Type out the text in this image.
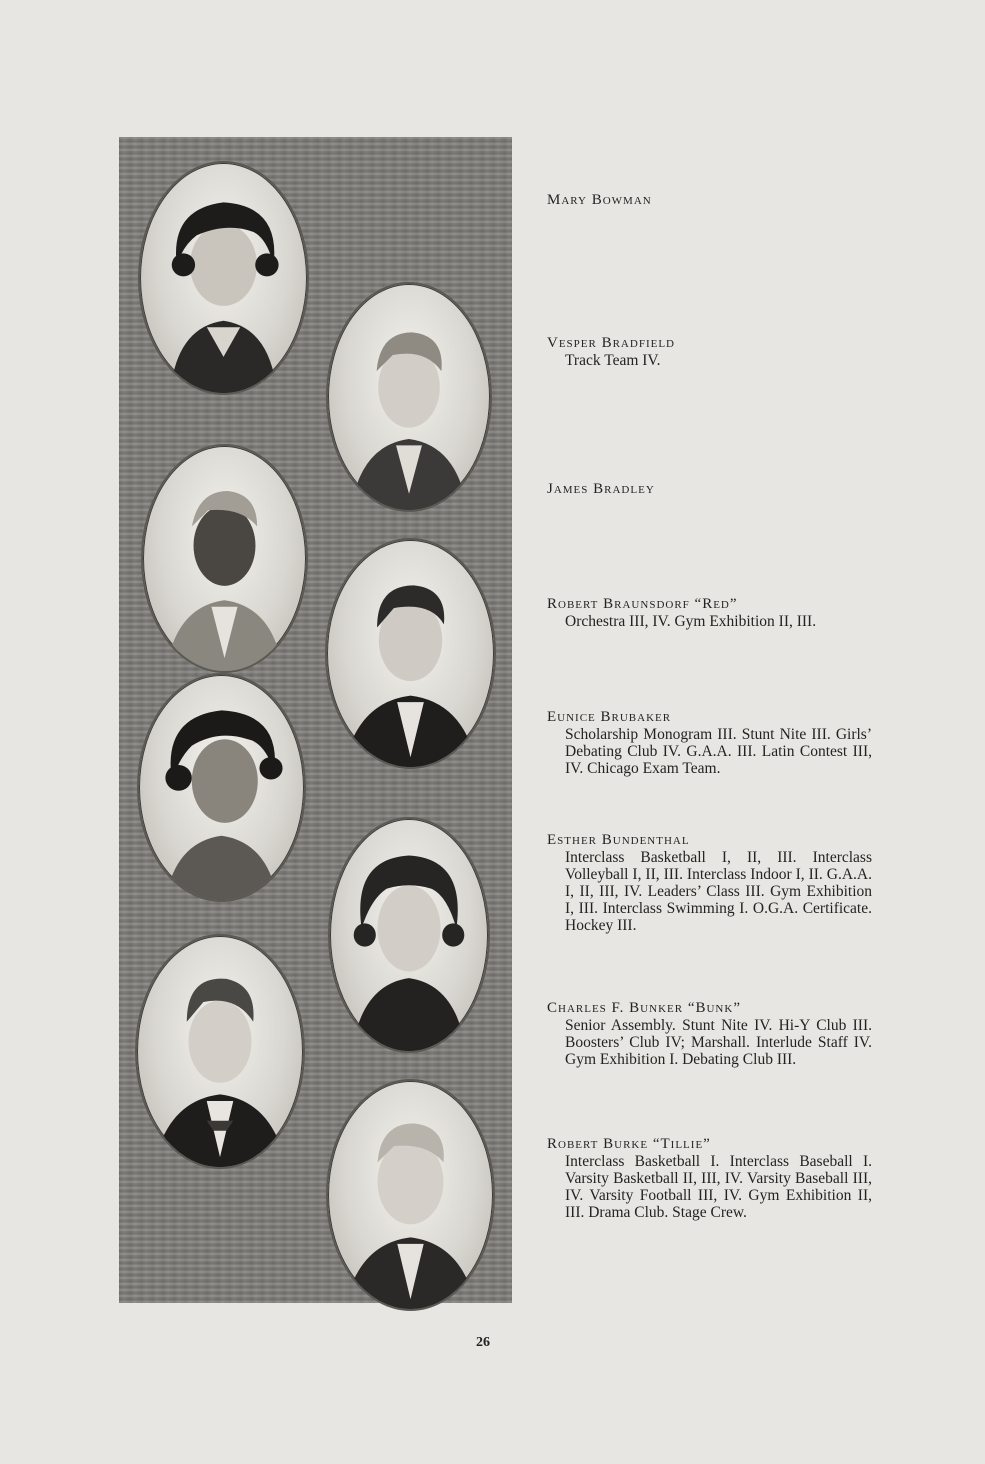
Mary Bowman

Vesper Bradfield

Track Team IV.

James Bradley

Robert Braunsdorf “Red”

Orchestra III, IV. Gym Exhibition II, III.

Eunice Brubaker

Scholarship Monogram III. Stunt Nite III. Girls’ Debating Club IV. G.A.A. III. Latin Contest III, IV. Chicago Exam Team.

Esther Bundenthal

Interclass Basketball I, II, III. Interclass Volleyball I, II, III. Interclass Indoor I, II. G.A.A. I, II, III, IV. Leaders’ Class III. Gym Exhibition I, III. Interclass Swimming I. O.G.A. Certificate. Hockey III.

Charles F. Bunker “Bunk”

Senior Assembly. Stunt Nite IV. Hi-Y Club III. Boosters’ Club IV; Marshall. Interlude Staff IV. Gym Exhibition I. Debating Club III.

Robert Burke “Tillie”

Interclass Basketball I. Interclass Baseball I. Varsity Basketball II, III, IV. Varsity Baseball III, IV. Varsity Football III, IV. Gym Exhibition II, III. Drama Club. Stage Crew.

26
